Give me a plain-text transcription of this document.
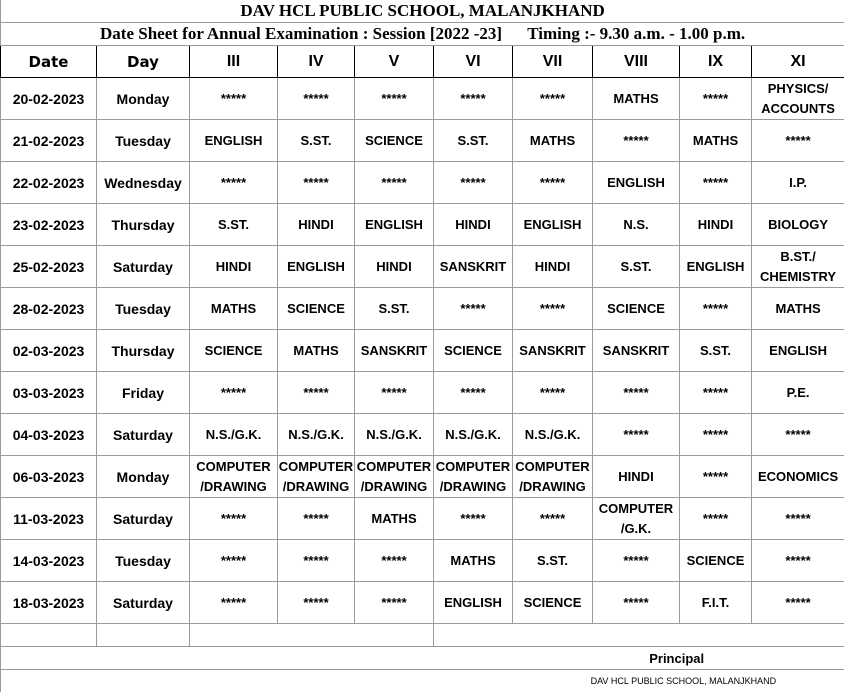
DAV HCL PUBLIC SCHOOL, MALANJKHAND									
Date Sheet for Annual Examination : Session [2022 -23]      Timing :- 9.30 a.m. - 1.00 p.m.									
Date	Day	III	IV	V	VI	VII	VIII	IX	XI
20-02-2023	Monday	*****	*****	*****	*****	*****	MATHS	*****	PHYSICS/
ACCOUNTS

21-02-2023	Tuesday	ENGLISH	S.ST.	SCIENCE	S.ST.	MATHS	*****	MATHS	*****
22-02-2023	Wednesday	*****	*****	*****	*****	*****	ENGLISH	*****	I.P.
23-02-2023	Thursday	S.ST.	HINDI	ENGLISH	HINDI	ENGLISH	N.S.	HINDI	BIOLOGY
25-02-2023	Saturday	HINDI	ENGLISH	HINDI	SANSKRIT	HINDI	S.ST.	ENGLISH	B.ST./
CHEMISTRY

28-02-2023	Tuesday	MATHS	SCIENCE	S.ST.	*****	*****	SCIENCE	*****	MATHS
02-03-2023	Thursday	SCIENCE	MATHS	SANSKRIT	SCIENCE	SANSKRIT	SANSKRIT	S.ST.	ENGLISH
03-03-2023	Friday	*****	*****	*****	*****	*****	*****	*****	P.E.
04-03-2023	Saturday	N.S./G.K.	N.S./G.K.	N.S./G.K.	N.S./G.K.	N.S./G.K.	*****	*****	*****
06-03-2023	Monday	COMPUTER
/DRAWING	COMPUTER
/DRAWING	COMPUTER
/DRAWING	COMPUTER
/DRAWING	COMPUTER
/DRAWING	HINDI	*****	ECONOMICS
11-03-2023	Saturday	*****	*****	MATHS	*****	*****	COMPUTER
/G.K.	*****	*****
14-03-2023	Tuesday	*****	*****	*****	MATHS	S.ST.	*****	SCIENCE	*****
18-03-2023	Saturday	*****	*****	*****	ENGLISH	SCIENCE	*****	F.I.T.	*****

Principal									
DAV HCL PUBLIC SCHOOL, MALANJKHAND									
